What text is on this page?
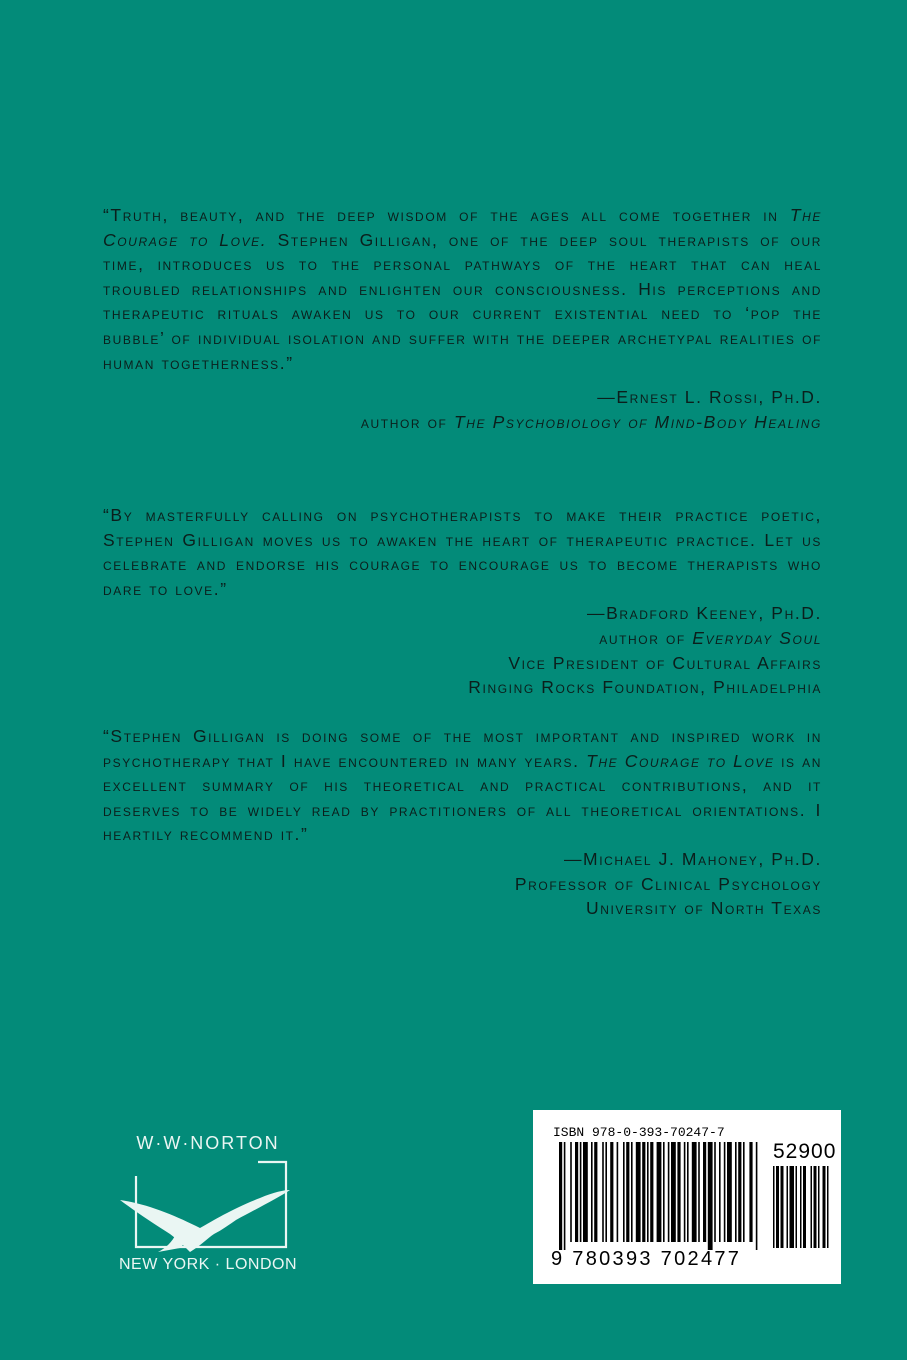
“Truth, beauty, and the deep wisdom of the ages all come together in The Courage to Love. Stephen Gilligan, one of the deep soul therapists of our time, introduces us to the personal pathways of the heart that can heal troubled relationships and enlighten our consciousness. His perceptions and therapeutic rituals awaken us to our current existential need to ‘pop the bubble’ of individual isolation and suffer with the deeper archetypal realities of human togetherness.”

—Ernest L. Rossi, Ph.D.

author of The Psychobiology of Mind-Body Healing

“By masterfully calling on psychotherapists to make their practice poetic, Stephen Gilligan moves us to awaken the heart of therapeutic practice. Let us celebrate and endorse his courage to encourage us to become therapists who dare to love.”

—Bradford Keeney, Ph.D.

author of Everyday Soul

Vice President of Cultural Affairs

Ringing Rocks Foundation, Philadelphia

“Stephen Gilligan is doing some of the most important and inspired work in psychotherapy that I have encountered in many years. The Courage to Love is an excellent summary of his theoretical and practical contributions, and it deserves to be widely read by practitioners of all theoretical orientations. I heartily recommend it.”

—Michael J. Mahoney, Ph.D.

Professor of Clinical Psychology

University of North Texas

W·W·NORTON
NEW YORK · LONDON
ISBN 978-0-393-70247-7
52900
9 780393 702477
